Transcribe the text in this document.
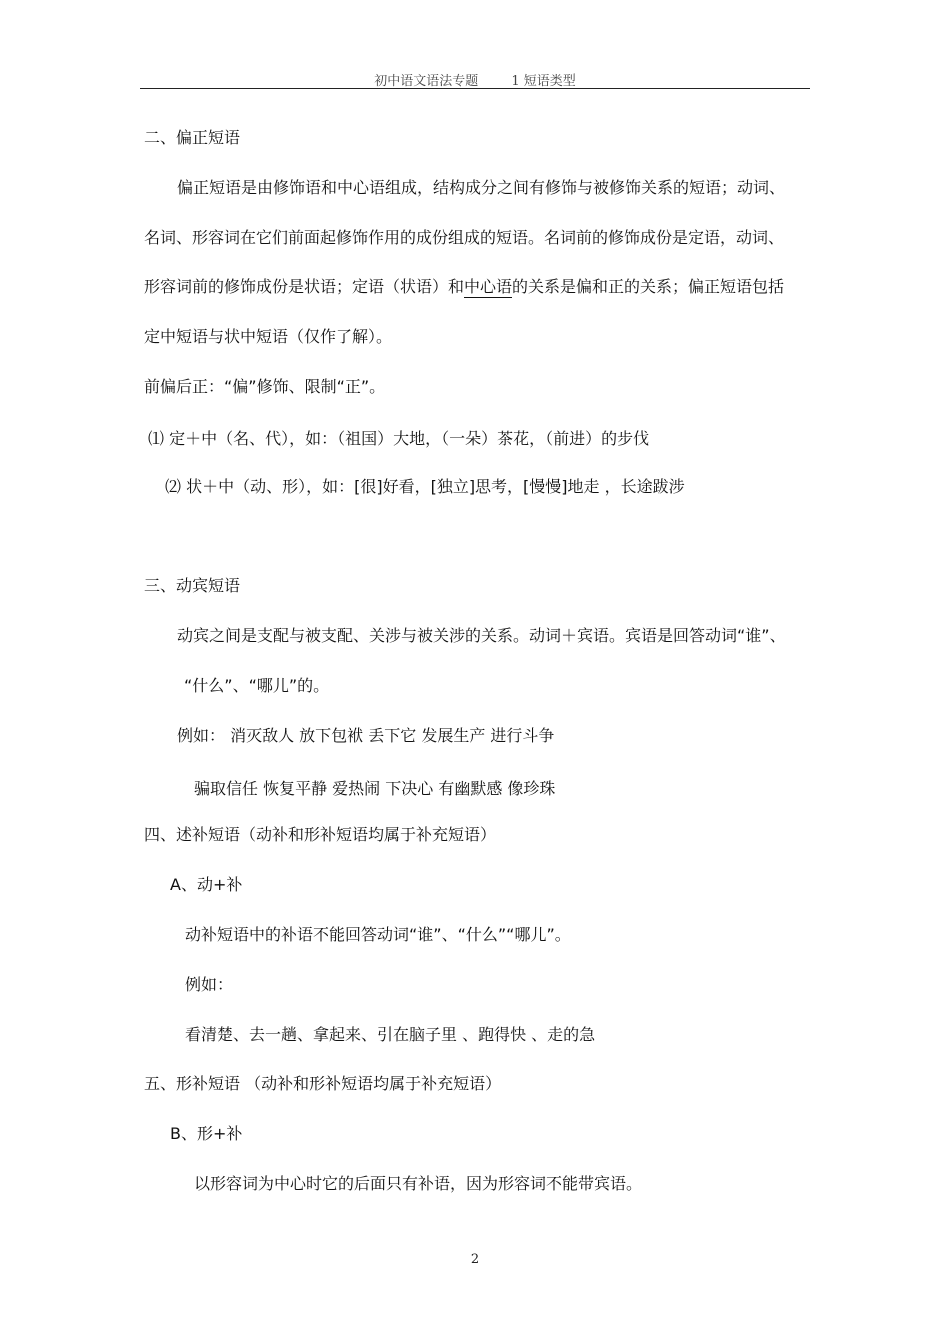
初中语文语法专题	1 短语类型
二、偏正短语
偏正短语是由修饰语和中心语组成，结构成分之间有修饰与被修饰关系的短语；动词、
名词、形容词在它们前面起修饰作用的成份组成的短语。名词前的修饰成份是定语，动词、
形容词前的修饰成份是状语；定语（状语）和中心语的关系是偏和正的关系；偏正短语包括
定中短语与状中短语（仅作了解）。
前偏后正：“偏”修饰、限制“正”。
⑴ 定＋中（名、代），如：（祖国）大地，（一朵）茶花，（前进）的步伐
⑵ 状＋中（动、形），如：[很]好看，[独立]思考，[慢慢]地走 ，长途跋涉
三、动宾短语
动宾之间是支配与被支配、关涉与被关涉的关系。动词＋宾语。宾语是回答动词“谁”、
“什么”、“哪儿”的。
例如： 消灭敌人 放下包袱 丢下它 发展生产 进行斗争
骗取信任 恢复平静 爱热闹 下决心 有幽默感 像珍珠
四、述补短语（动补和形补短语均属于补充短语）
A、动+补
动补短语中的补语不能回答动词“谁”、“什么”“哪儿”。
例如：
看清楚、去一趟、拿起来、引在脑子里 、跑得快 、走的急
五、形补短语 （动补和形补短语均属于补充短语）
B、形+补
以形容词为中心时它的后面只有补语，因为形容词不能带宾语。
2
